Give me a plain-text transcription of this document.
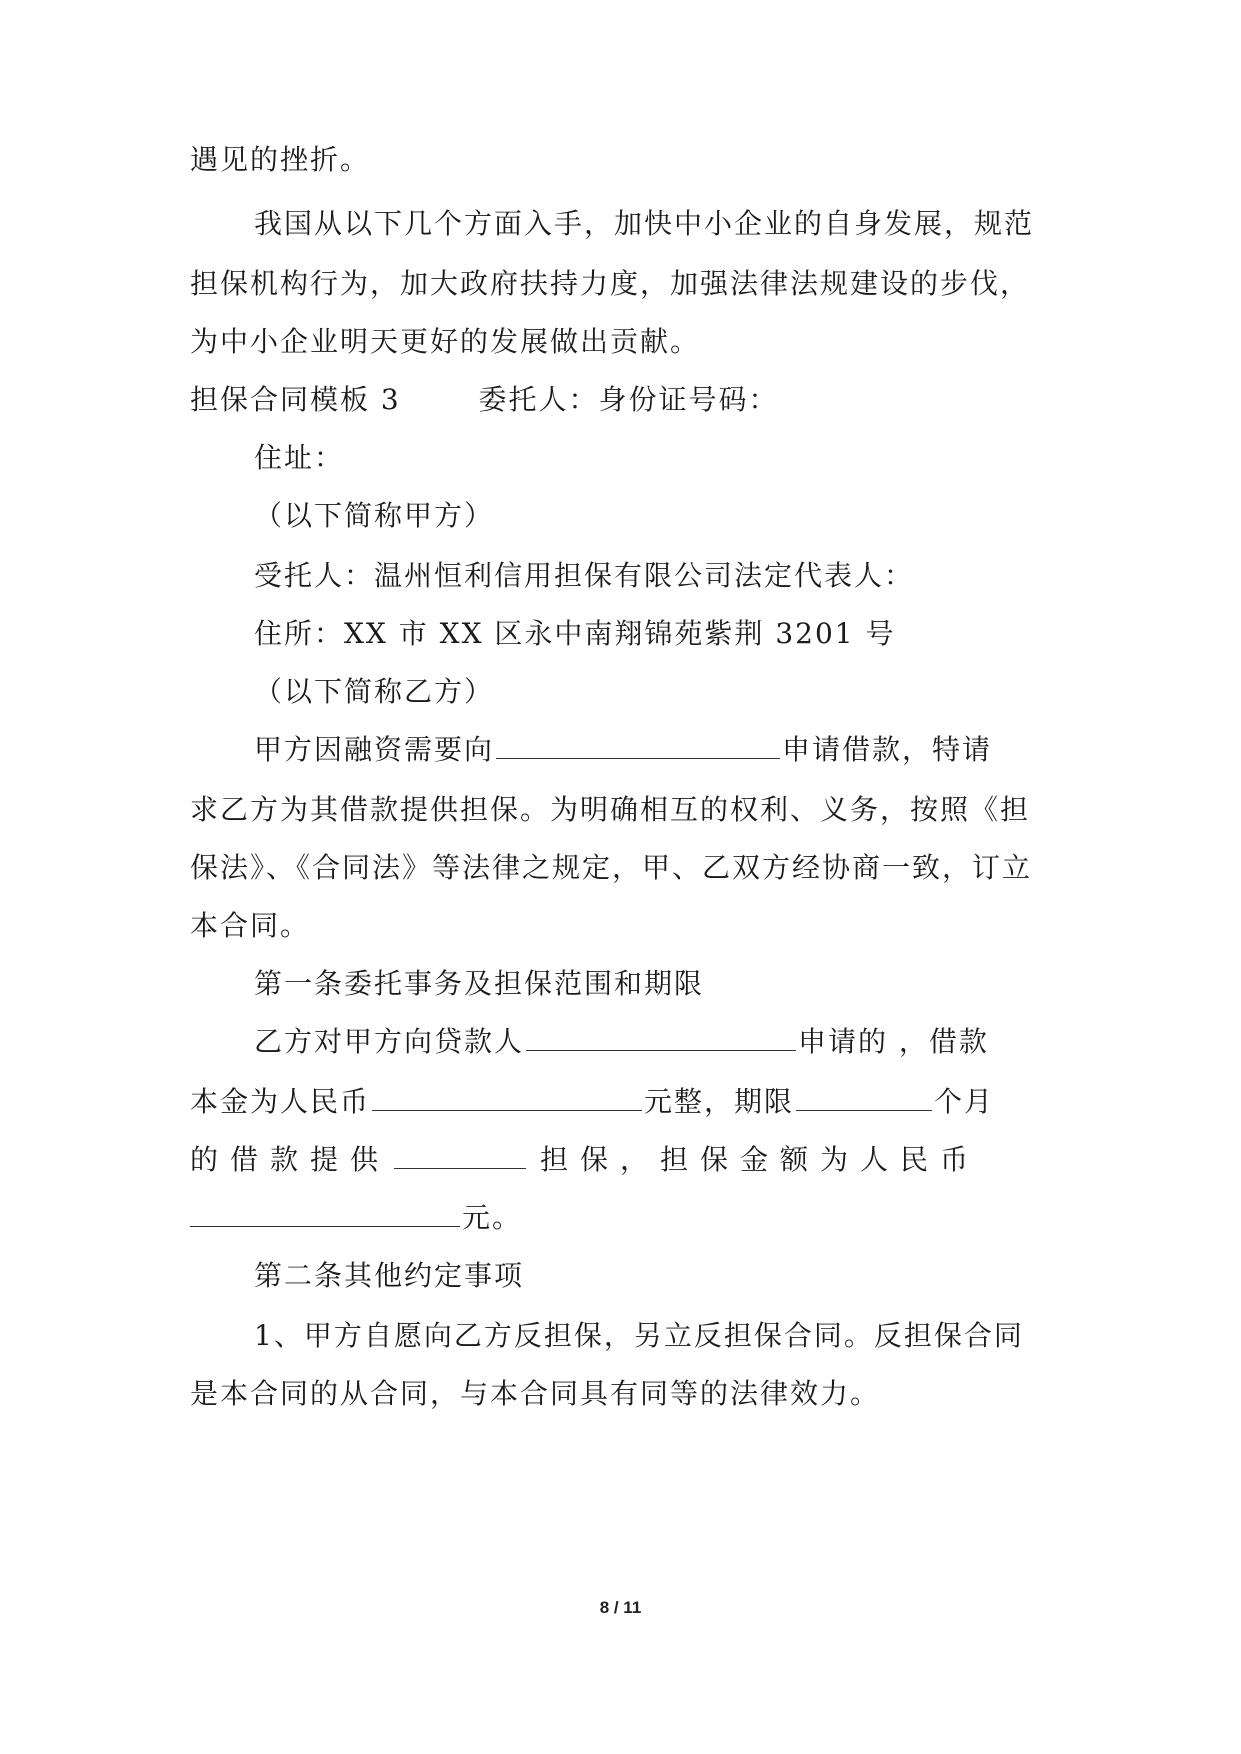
遇见的挫折。
我国从以下几个方面入手，加快中小企业的自身发展，规范
担保机构行为，加大政府扶持力度，加强法律法规建设的步伐，
为中小企业明天更好的发展做出贡献。
担保合同模板 3	委托人：身份证号码：
住址：
（以下简称甲方）
受托人：温州恒利信用担保有限公司法定代表人：
住所：XX 市 XX 区永中南翔锦苑紫荆 3201 号
（以下简称乙方）
甲方因融资需要向	申请借款，特请
求乙方为其借款提供担保。为明确相互的权利、义务，按照《担
保法》、《合同法》等法律之规定，甲、乙双方经协商一致，订立
本合同。
第一条委托事务及担保范围和期限
乙方对甲方向贷款人	申请的 ，借款
本金为人民币	元整，期限	个月
的借款提供	担保，担保金额为人民币
元。
第二条其他约定事项
1、甲方自愿向乙方反担保，另立反担保合同。反担保合同
是本合同的从合同，与本合同具有同等的法律效力。
8 / 11
